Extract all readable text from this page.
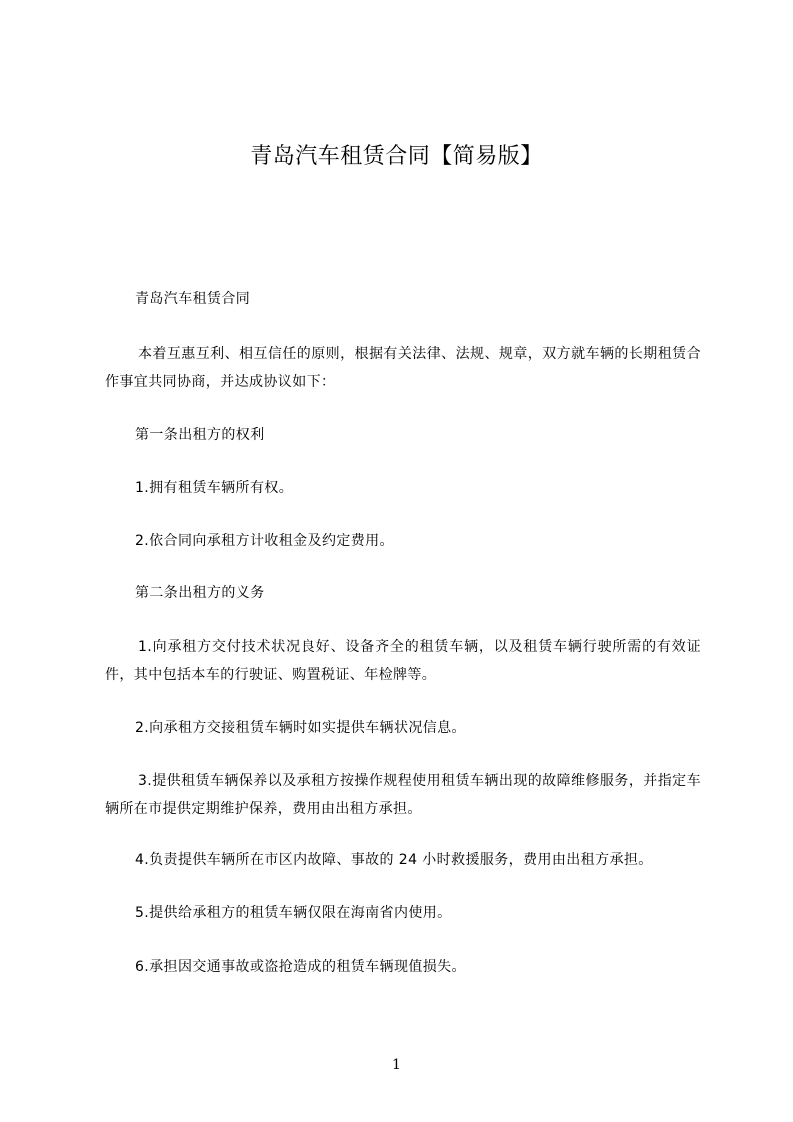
青岛汽车租赁合同【简易版】
青岛汽车租赁合同
本着互惠互利、相互信任的原则，根据有关法律、法规、规章，双方就车辆的长期租赁合作事宜共同协商，并达成协议如下：
第一条出租方的权利
1.拥有租赁车辆所有权。
2.依合同向承租方计收租金及约定费用。
第二条出租方的义务
1.向承租方交付技术状况良好、设备齐全的租赁车辆，以及租赁车辆行驶所需的有效证件，其中包括本车的行驶证、购置税证、年检牌等。
2.向承租方交接租赁车辆时如实提供车辆状况信息。
3.提供租赁车辆保养以及承租方按操作规程使用租赁车辆出现的故障维修服务，并指定车辆所在市提供定期维护保养，费用由出租方承担。
4.负责提供车辆所在市区内故障、事故的 24 小时救援服务，费用由出租方承担。
5.提供给承租方的租赁车辆仅限在海南省内使用。
6.承担因交通事故或盗抢造成的租赁车辆现值损失。
1
